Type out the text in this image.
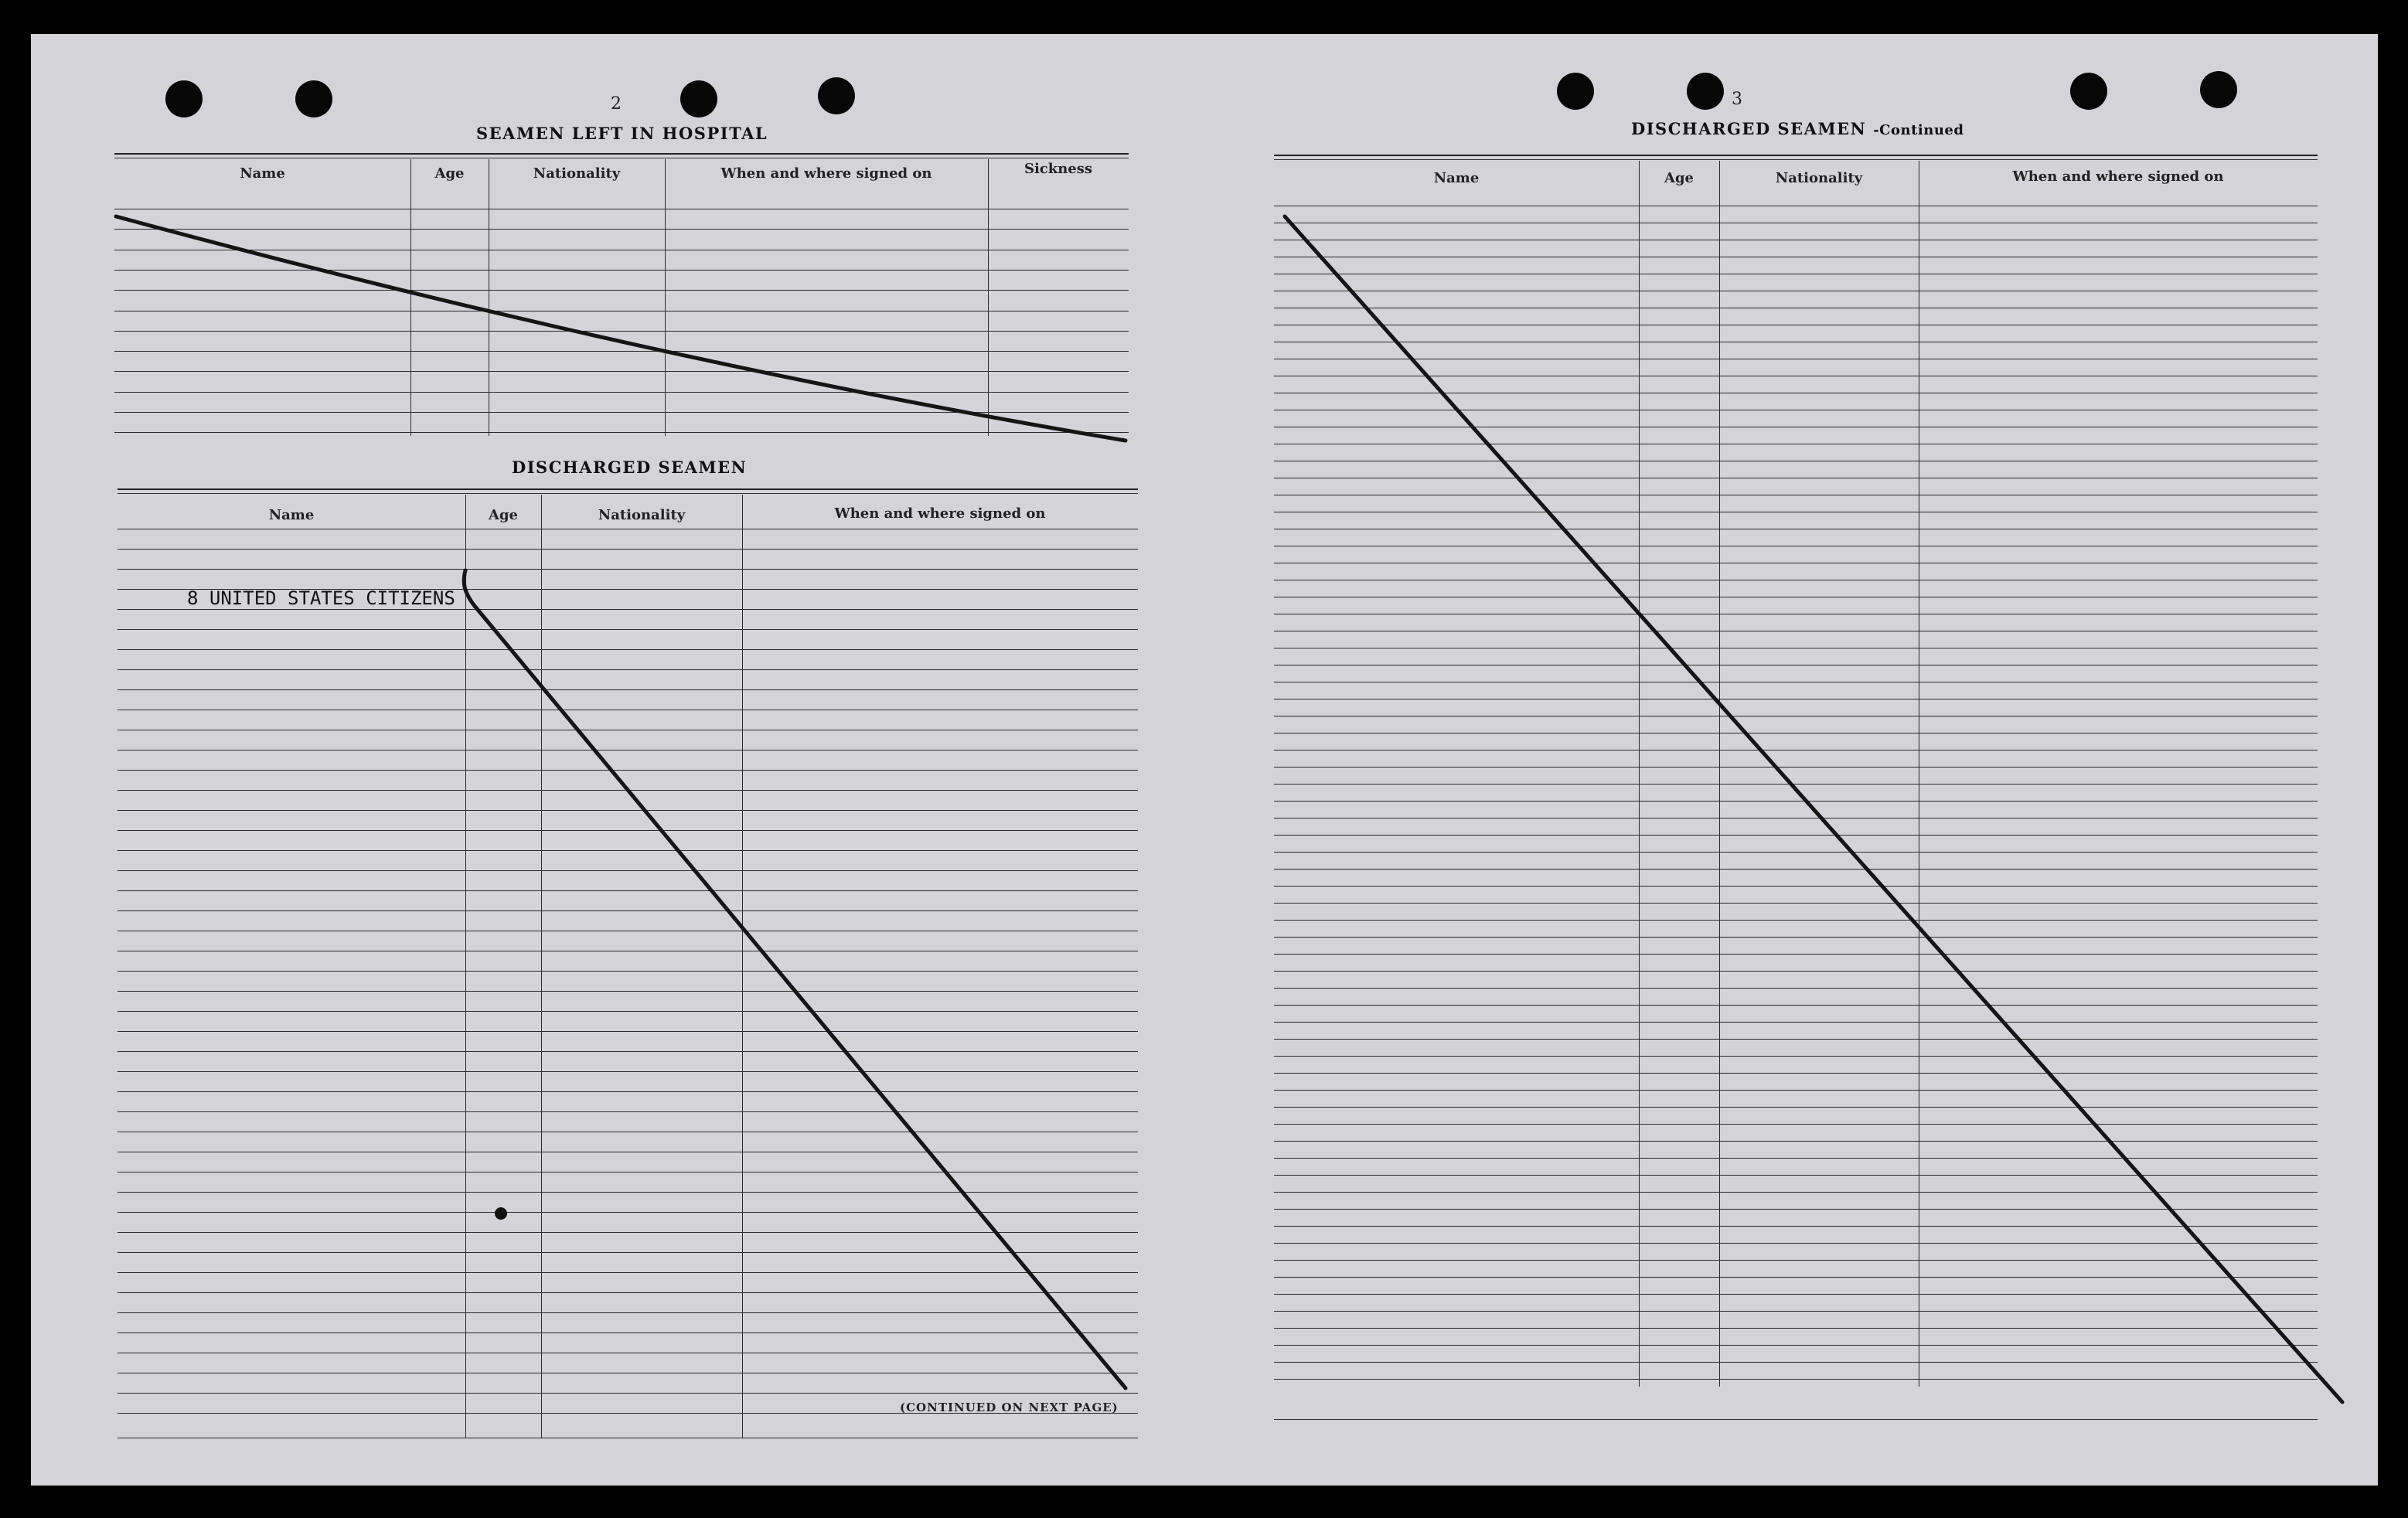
2
SEAMEN LEFT IN HOSPITAL
Name	Age	Nationality	When and where signed on	Sickness
DISCHARGED SEAMEN
Name	Age	Nationality	When and where signed on
8 UNITED STATES CITIZENS
(CONTINUED ON NEXT PAGE)
3
DISCHARGED SEAMEN -Continued
Name	Age	Nationality	When and where signed on
